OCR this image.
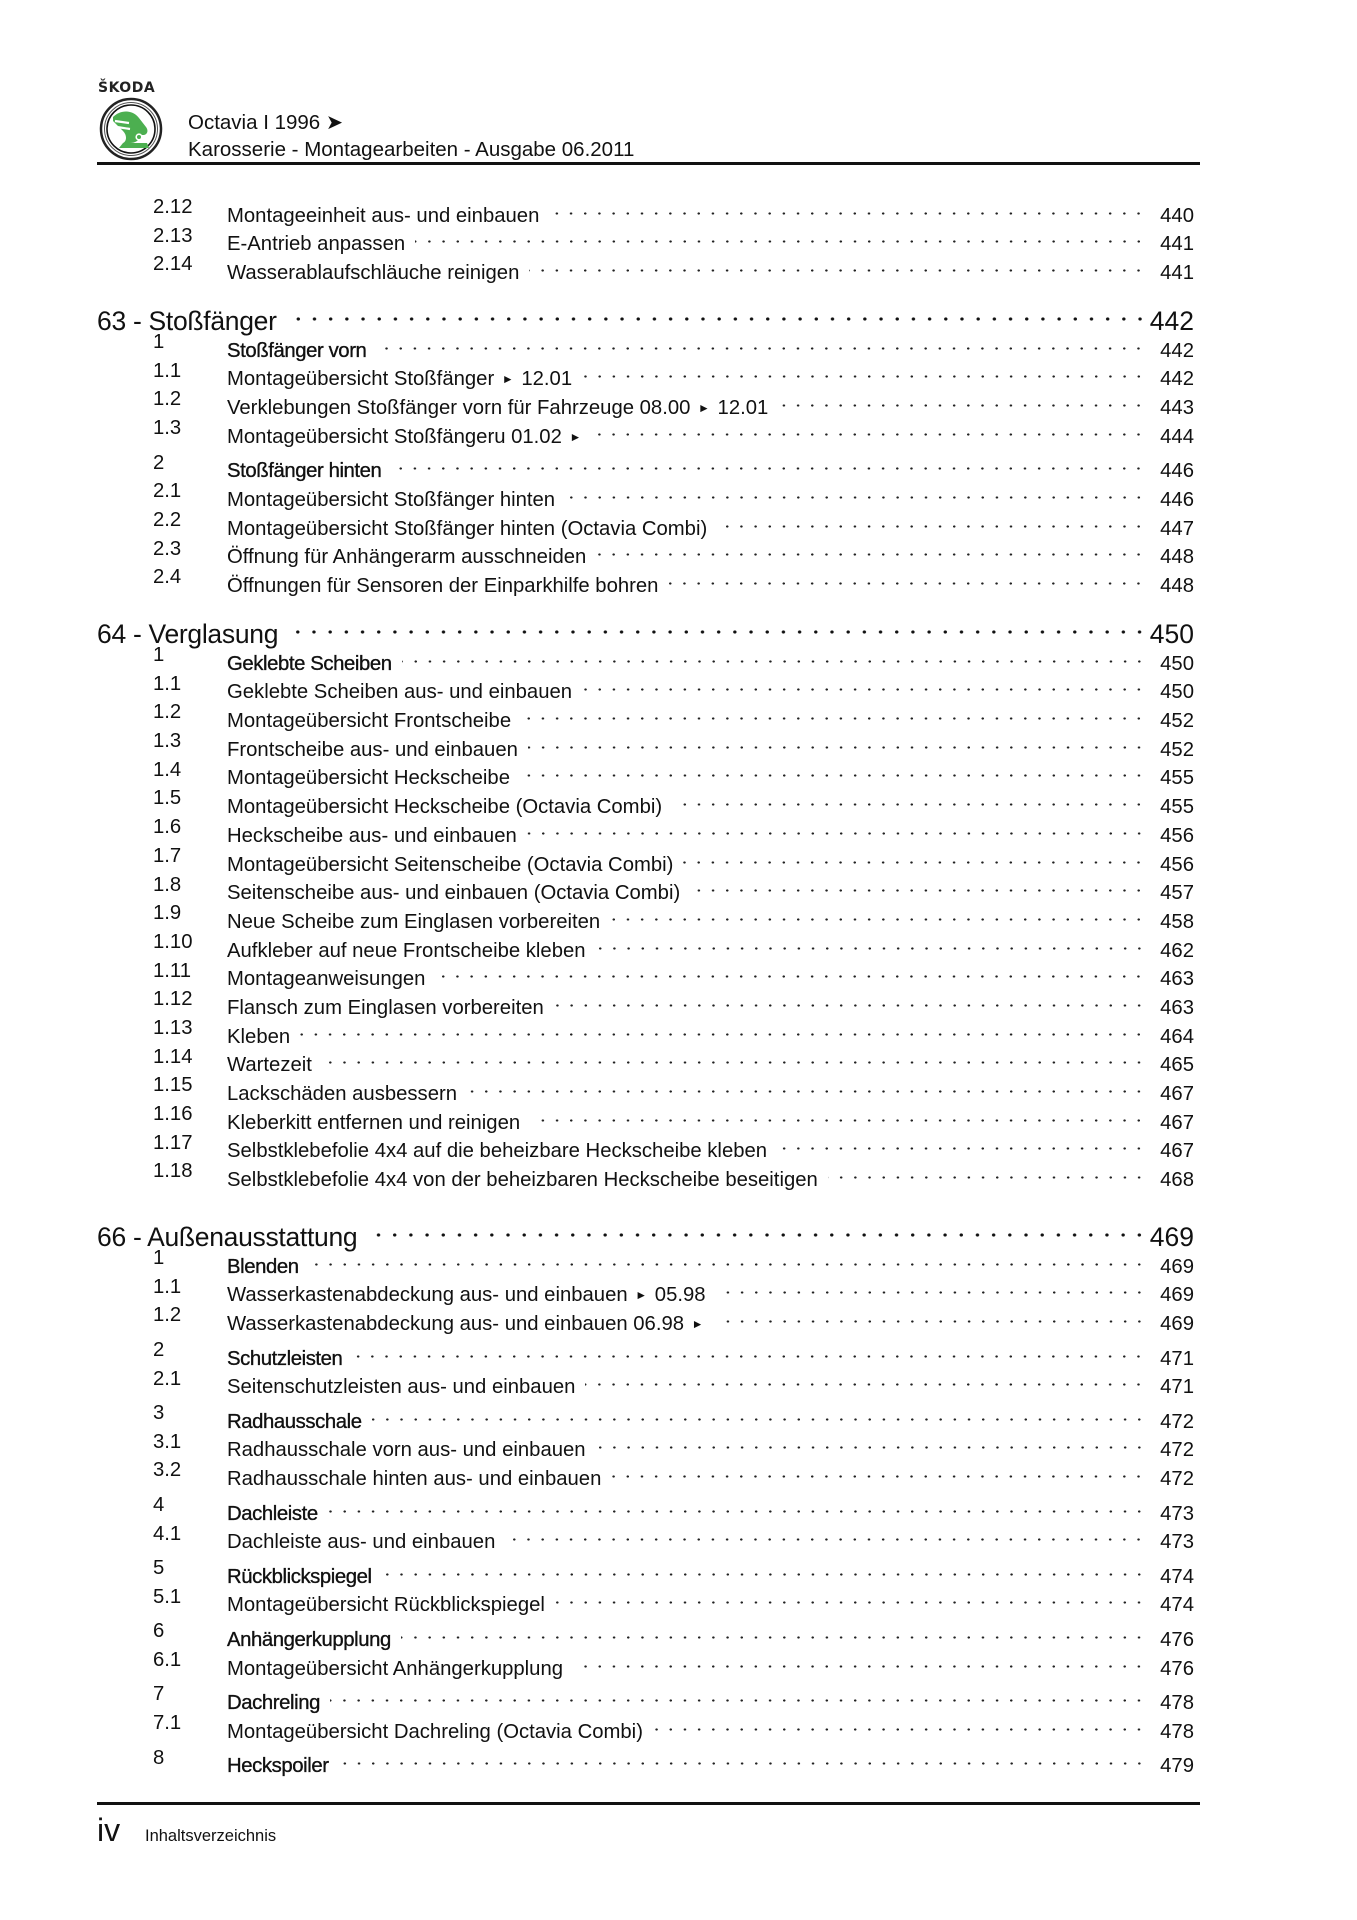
ŠKODA
Octavia I 1996 ➤
Karosserie - Montagearbeiten - Ausgabe 06.2011
2.12 Montageeinheit aus- und einbauen	440
2.13 E-Antrieb anpassen	441
2.14 Wasserablaufschläuche reinigen	441
63 - Stoßfänger	442
1	Stoßfänger vorn	442
1.1 Montageübersicht Stoßfänger ► 12.01	442
1.2 Verklebungen Stoßfänger vorn für Fahrzeuge 08.00 ► 12.01	443
1.3 Montageübersicht Stoßfängeru 01.02 ►	444
2	Stoßfänger hinten	446
2.1 Montageübersicht Stoßfänger hinten	446
2.2 Montageübersicht Stoßfänger hinten (Octavia Combi)	447
2.3 Öffnung für Anhängerarm ausschneiden	448
2.4 Öffnungen für Sensoren der Einparkhilfe bohren	448
64 - Verglasung	450
1	Geklebte Scheiben	450
1.1 Geklebte Scheiben aus- und einbauen	450
1.2 Montageübersicht Frontscheibe	452
1.3 Frontscheibe aus- und einbauen	452
1.4 Montageübersicht Heckscheibe	455
1.5 Montageübersicht Heckscheibe (Octavia Combi)	455
1.6 Heckscheibe aus- und einbauen	456
1.7 Montageübersicht Seitenscheibe (Octavia Combi)	456
1.8 Seitenscheibe aus- und einbauen (Octavia Combi)	457
1.9 Neue Scheibe zum Einglasen vorbereiten	458
1.10 Aufkleber auf neue Frontscheibe kleben	462
1.11 Montageanweisungen	463
1.12 Flansch zum Einglasen vorbereiten	463
1.13 Kleben	464
1.14 Wartezeit	465
1.15 Lackschäden ausbessern	467
1.16 Kleberkitt entfernen und reinigen	467
1.17 Selbstklebefolie 4x4 auf die beheizbare Heckscheibe kleben	467
1.18 Selbstklebefolie 4x4 von der beheizbaren Heckscheibe beseitigen	468
66 - Außenausstattung	469
1	Blenden	469
1.1 Wasserkastenabdeckung aus- und einbauen ► 05.98	469
1.2 Wasserkastenabdeckung aus- und einbauen 06.98 ►	469
2	Schutzleisten	471
2.1 Seitenschutzleisten aus- und einbauen	471
3	Radhausschale	472
3.1 Radhausschale vorn aus- und einbauen	472
3.2 Radhausschale hinten aus- und einbauen	472
4	Dachleiste	473
4.1 Dachleiste aus- und einbauen	473
5	Rückblickspiegel	474
5.1 Montageübersicht Rückblickspiegel	474
6	Anhängerkupplung	476
6.1 Montageübersicht Anhängerkupplung	476
7	Dachreling	478
7.1 Montageübersicht Dachreling (Octavia Combi)	478
8	Heckspoiler	479
iv Inhaltsverzeichnis
